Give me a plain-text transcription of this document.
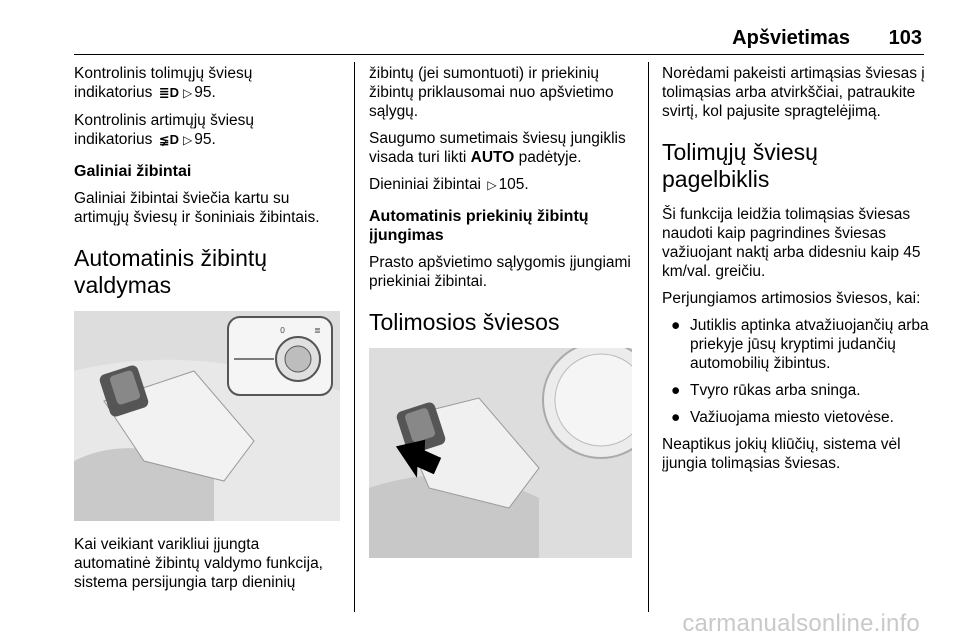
Apšvietimas 103

Kontrolinis tolimųjų šviesų
indikatorius ≣D ▷ 95.

Kontrolinis artimųjų šviesų
indikatorius ≨D ▷ 95.

Galiniai žibintai

Galiniai žibintai šviečia kartu su artimųjų šviesų ir šoniniais žibintais.

Automatinis žibintų
valdymas
0	≣

Kai veikiant varikliui įjungta automatinė žibintų valdymo funkcija, sistema persijungia tarp dieninių

žibintų (jei sumontuoti) ir priekinių žibintų priklausomai nuo apšvietimo sąlygų.

Saugumo sumetimais šviesų jungiklis visada turi likti AUTO padėtyje.

Dieniniai žibintai ▷ 105.

Automatinis priekinių žibintų
įjungimas

Prasto apšvietimo sąlygomis įjungiami priekiniai žibintai.

Tolimosios šviesos

Norėdami pakeisti artimąsias šviesas į tolimąsias arba atvirkščiai, patraukite svirtį, kol pajusite spragtelėjimą.

Tolimųjų šviesų pagelbiklis

Ši funkcija leidžia tolimąsias šviesas naudoti kaip pagrindines šviesas važiuojant naktį arba didesniu kaip 45 km/val. greičiu.

Perjungiamos artimosios šviesos, kai:

● Jutiklis aptinka atvažiuojančių arba priekyje jūsų kryptimi judančių automobilių žibintus.
● Tvyro rūkas arba sninga.
● Važiuojama miesto vietovėse.

Neaptikus jokių kliūčių, sistema vėl įjungia tolimąsias šviesas.

carmanualsonline.info
